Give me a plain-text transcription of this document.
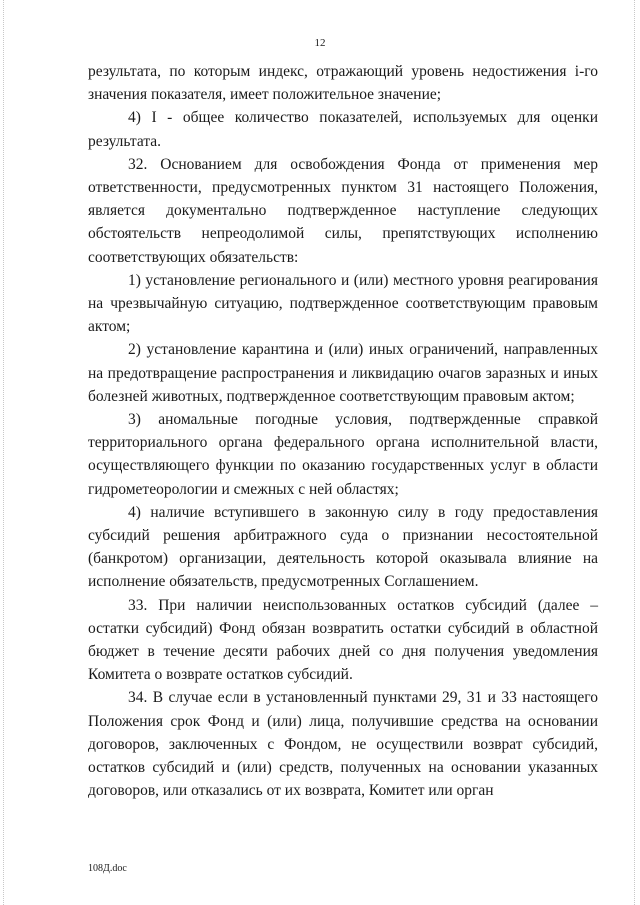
12

результата, по которым индекс, отражающий уровень недостижения i-го значения показателя, имеет положительное значение;

4) I - общее количество показателей, используемых для оценки результата.

32. Основанием для освобождения Фонда от применения мер ответственности, предусмотренных пунктом 31 настоящего Положения, является документально подтвержденное наступление следующих обстоятельств непреодолимой силы, препятствующих исполнению соответствующих обязательств:

1) установление регионального и (или) местного уровня реагирования на чрезвычайную ситуацию, подтвержденное соответствующим правовым актом;

2) установление карантина и (или) иных ограничений, направленных на предотвращение распространения и ликвидацию очагов заразных и иных болезней животных, подтвержденное соответствующим правовым актом;

3) аномальные погодные условия, подтвержденные справкой территориального органа федерального органа исполнительной власти, осуществляющего функции по оказанию государственных услуг в области гидрометеорологии и смежных с ней областях;

4) наличие вступившего в законную силу в году предоставления субсидий решения арбитражного суда о признании несостоятельной (банкротом) организации, деятельность которой оказывала влияние на исполнение обязательств, предусмотренных Соглашением.

33. При наличии неиспользованных остатков субсидий (далее – остатки субсидий) Фонд обязан возвратить остатки субсидий в областной бюджет в течение десяти рабочих дней со дня получения уведомления Комитета о возврате остатков субсидий.

34. В случае если в установленный пунктами 29, 31 и 33 настоящего Положения срок Фонд и (или) лица, получившие средства на основании договоров, заключенных с Фондом, не осуществили возврат субсидий, остатков субсидий и (или) средств, полученных на основании указанных договоров, или отказались от их возврата, Комитет или орган

108Д.doc
